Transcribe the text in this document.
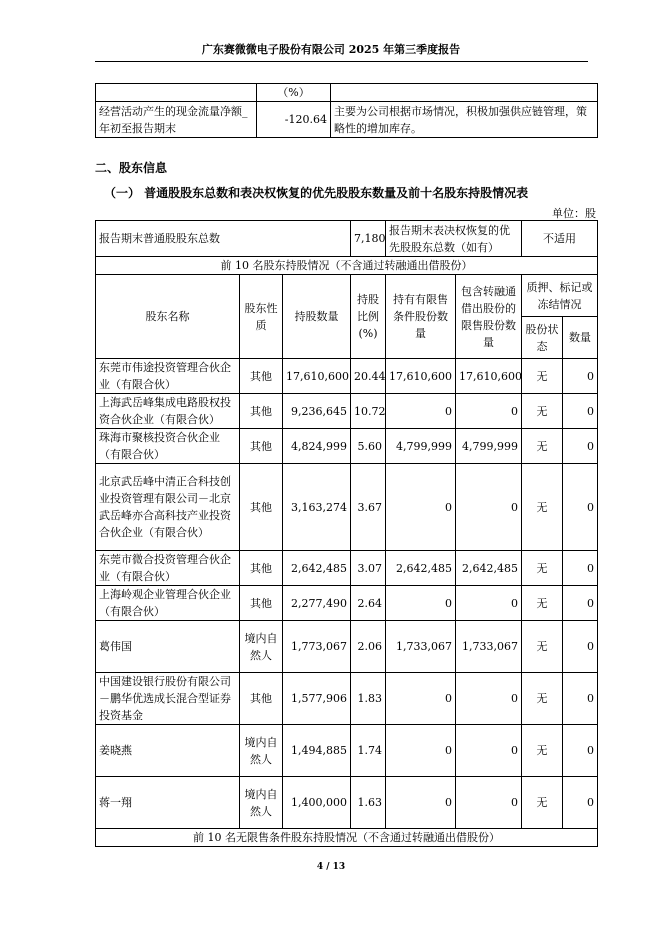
广东赛微微电子股份有限公司 2025 年第三季度报告
	（%）	
经营活动产生的现金流量净额_年初至报告期末	-120.64	主要为公司根据市场情况，积极加强供应链管理，策略性的增加库存。
二、股东信息
（一） 普通股股东总数和表决权恢复的优先股股东数量及前十名股东持股情况表
单位：股
报告期末普通股股东总数			7,180	报告期末表决权恢复的优先股股东总数（如有）		不适用	
前 10 名股东持股情况（不含通过转融通出借股份）							
股东名称	股东性质	持股数量	持股比例(%)	持有有限售条件股份数量	包含转融通借出股份的限售股份数量	质押、标记或冻结情况	
						股份状态	数量
东莞市伟途投资管理合伙企业（有限合伙）	其他	17,610,600	20.44	17,610,600	17,610,600	无	0
上海武岳峰集成电路股权投资合伙企业（有限合伙）	其他	9,236,645	10.72	0	0	无	0
珠海市聚核投资合伙企业（有限合伙）	其他	4,824,999	5.60	4,799,999	4,799,999	无	0
北京武岳峰中清正合科技创业投资管理有限公司－北京武岳峰亦合高科技产业投资合伙企业（有限合伙）	其他	3,163,274	3.67	0	0	无	0
东莞市微合投资管理合伙企业（有限合伙）	其他	2,642,485	3.07	2,642,485	2,642,485	无	0
上海岭观企业管理合伙企业（有限合伙）	其他	2,277,490	2.64	0	0	无	0
葛伟国	境内自然人	1,773,067	2.06	1,733,067	1,733,067	无	0
中国建设银行股份有限公司－鹏华优选成长混合型证券投资基金	其他	1,577,906	1.83	0	0	无	0
姜晓燕	境内自然人	1,494,885	1.74	0	0	无	0
蒋一翔	境内自然人	1,400,000	1.63	0	0	无	0
前 10 名无限售条件股东持股情况（不含通过转融通出借股份）							
4 / 13
